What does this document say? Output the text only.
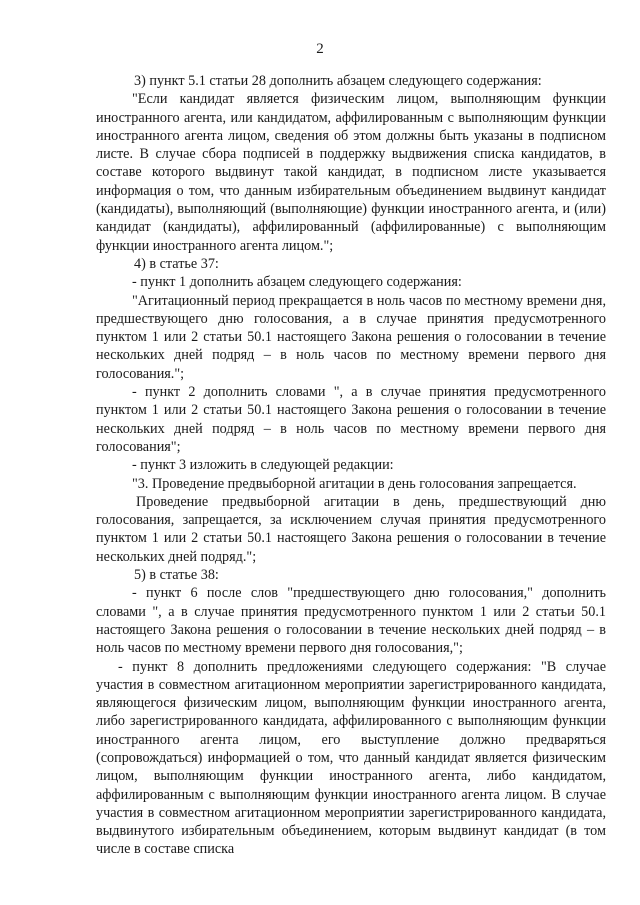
2

3) пункт 5.1 статьи 28 дополнить абзацем следующего содержания:

"Если кандидат является физическим лицом, выполняющим функции иностранного агента, или кандидатом, аффилированным с выполняющим функции иностранного агента лицом, сведения об этом должны быть указаны в подписном листе. В случае сбора подписей в поддержку выдвижения списка кандидатов, в составе которого выдвинут такой кандидат, в подписном листе указывается информация о том, что данным избирательным объединением выдвинут кандидат (кандидаты), выполняющий (выполняющие) функции иностранного агента, и (или) кандидат (кандидаты), аффилированный (аффилированные) с выполняющим функции иностранного агента лицом.";

4) в статье 37:

- пункт 1 дополнить абзацем следующего содержания:

"Агитационный период прекращается в ноль часов по местному времени дня, предшествующего дню голосования, а в случае принятия предусмотренного пунктом 1 или 2 статьи 50.1 настоящего Закона решения о голосовании в течение нескольких дней подряд – в ноль часов по местному времени первого дня голосования.";

- пункт 2 дополнить словами ", а в случае принятия предусмотренного пунктом 1 или 2 статьи 50.1 настоящего Закона решения о голосовании в течение нескольких дней подряд – в ноль часов по местному времени первого дня голосования";

- пункт 3 изложить в следующей редакции:

"3. Проведение предвыборной агитации в день голосования запрещается.

Проведение предвыборной агитации в день, предшествующий дню голосования, запрещается, за исключением случая принятия предусмотренного пунктом 1 или 2 статьи 50.1 настоящего Закона решения о голосовании в течение нескольких дней подряд.";

5) в статье 38:

- пункт 6 после слов "предшествующего дню голосования," дополнить словами ", а в случае принятия предусмотренного пунктом 1 или 2 статьи 50.1 настоящего Закона решения о голосовании в течение нескольких дней подряд – в ноль часов по местному времени первого дня голосования,";

- пункт 8 дополнить предложениями следующего содержания: "В случае участия в совместном агитационном мероприятии зарегистрированного кандидата, являющегося физическим лицом, выполняющим функции иностранного агента, либо зарегистрированного кандидата, аффилированного с выполняющим функции иностранного агента лицом, его выступление должно предваряться (сопровождаться) информацией о том, что данный кандидат является физическим лицом, выполняющим функции иностранного агента, либо кандидатом, аффилированным с выполняющим функции иностранного агента лицом. В случае участия в совместном агитационном мероприятии зарегистрированного кандидата, выдвинутого избирательным объединением, которым выдвинут кандидат (в том числе в составе списка
